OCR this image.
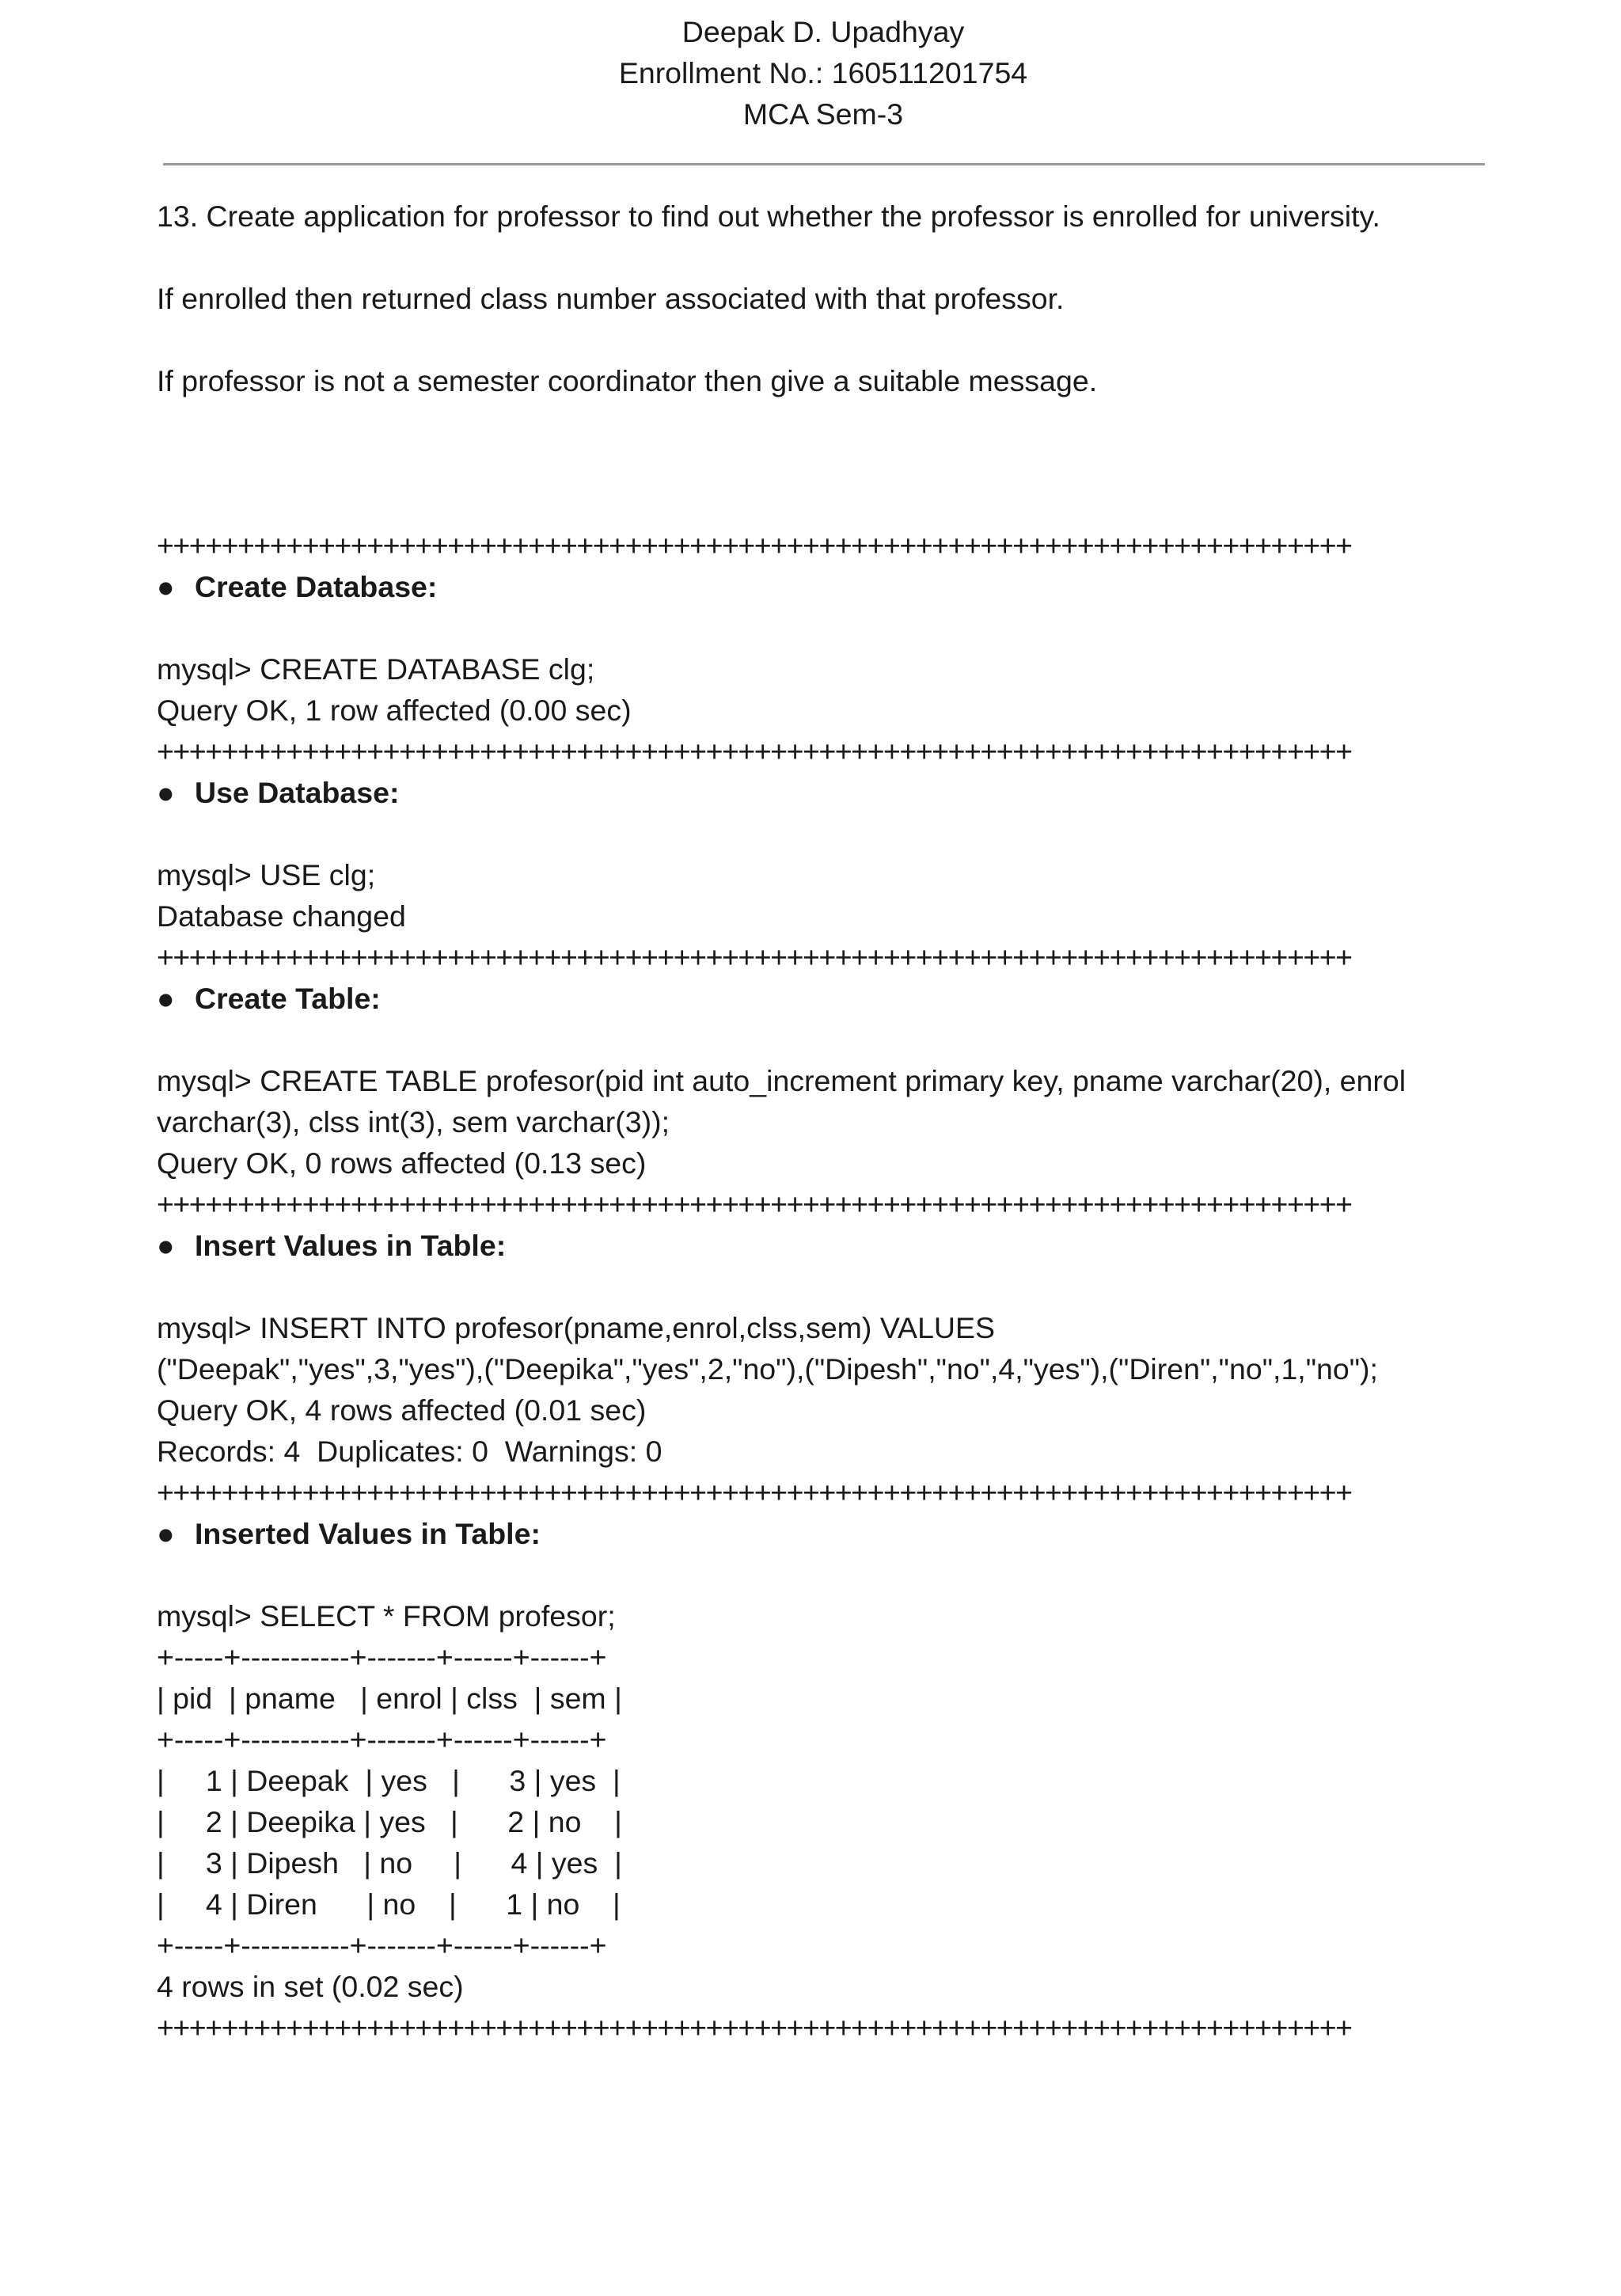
Deepak D. Upadhyay
Enrollment No.: 160511201754
MCA Sem-3
13. Create application for professor to find out whether the professor is enrolled for university.
If enrolled then returned class number associated with that professor.
If professor is not a semester coordinator then give a suitable message.
++++++++++++++++++++++++++++++++++++++++++++++++++++++++++++++++++++++++++
● Create Database:
mysql> CREATE DATABASE clg;
Query OK, 1 row affected (0.00 sec)
++++++++++++++++++++++++++++++++++++++++++++++++++++++++++++++++++++++++++
● Use Database:
mysql> USE clg;
Database changed
++++++++++++++++++++++++++++++++++++++++++++++++++++++++++++++++++++++++++
● Create Table:
mysql> CREATE TABLE profesor(pid int auto_increment primary key, pname varchar(20), enrol
varchar(3), clss int(3), sem varchar(3));
Query OK, 0 rows affected (0.13 sec)
++++++++++++++++++++++++++++++++++++++++++++++++++++++++++++++++++++++++++
● Insert Values in Table:
mysql> INSERT INTO profesor(pname,enrol,clss,sem) VALUES
("Deepak","yes",3,"yes"),("Deepika","yes",2,"no"),("Dipesh","no",4,"yes"),("Diren","no",1,"no");
Query OK, 4 rows affected (0.01 sec)
Records: 4  Duplicates: 0  Warnings: 0
++++++++++++++++++++++++++++++++++++++++++++++++++++++++++++++++++++++++++
● Inserted Values in Table:
mysql> SELECT * FROM profesor;
+-----+-----------+-------+------+------+
| pid  | pname   | enrol | clss  | sem |
+-----+-----------+-------+------+------+
|     1 | Deepak  | yes   |      3 | yes  |
|     2 | Deepika | yes   |      2 | no    |
|     3 | Dipesh   | no     |      4 | yes  |
|     4 | Diren      | no    |      1 | no    |
+-----+-----------+-------+------+------+
4 rows in set (0.02 sec)
++++++++++++++++++++++++++++++++++++++++++++++++++++++++++++++++++++++++++
